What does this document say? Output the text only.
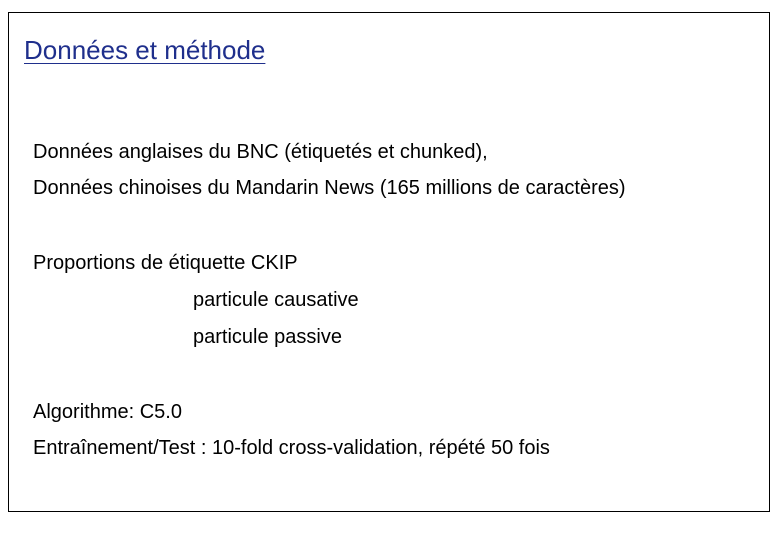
Données et méthode
Données anglaises du BNC (étiquetés et chunked),
Données chinoises du Mandarin News (165 millions de caractères)
Proportions de étiquette CKIP
particule causative
particule passive
Algorithme: C5.0
Entraînement/Test : 10-fold cross-validation, répété 50 fois
